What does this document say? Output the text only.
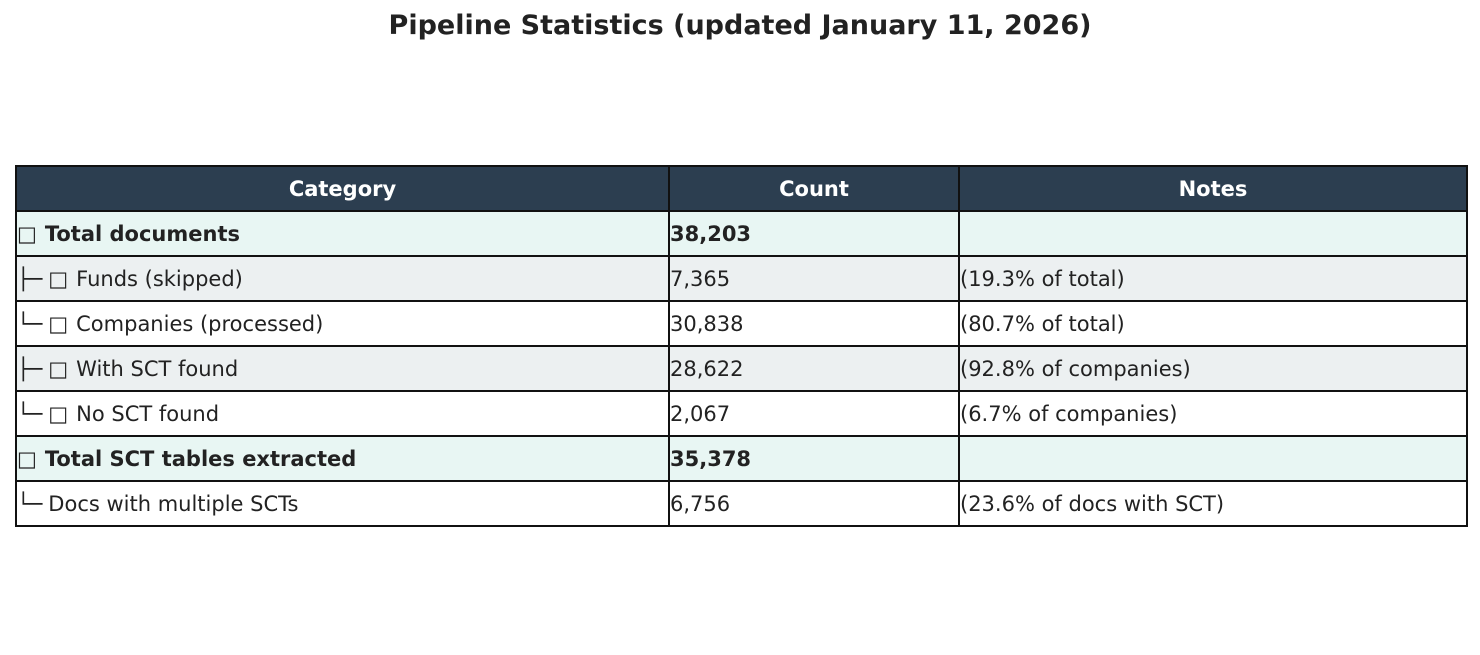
Pipeline Statistics (updated January 11, 2026)
Category	Count	Notes
□ Total documents	38,203	
├─ □ Funds (skipped)	7,365	(19.3% of total)
└─ □ Companies (processed)	30,838	(80.7% of total)
├─ □ With SCT found	28,622	(92.8% of companies)
└─ □ No SCT found	2,067	(6.7% of companies)
□ Total SCT tables extracted	35,378	
└─ Docs with multiple SCTs	6,756	(23.6% of docs with SCT)
